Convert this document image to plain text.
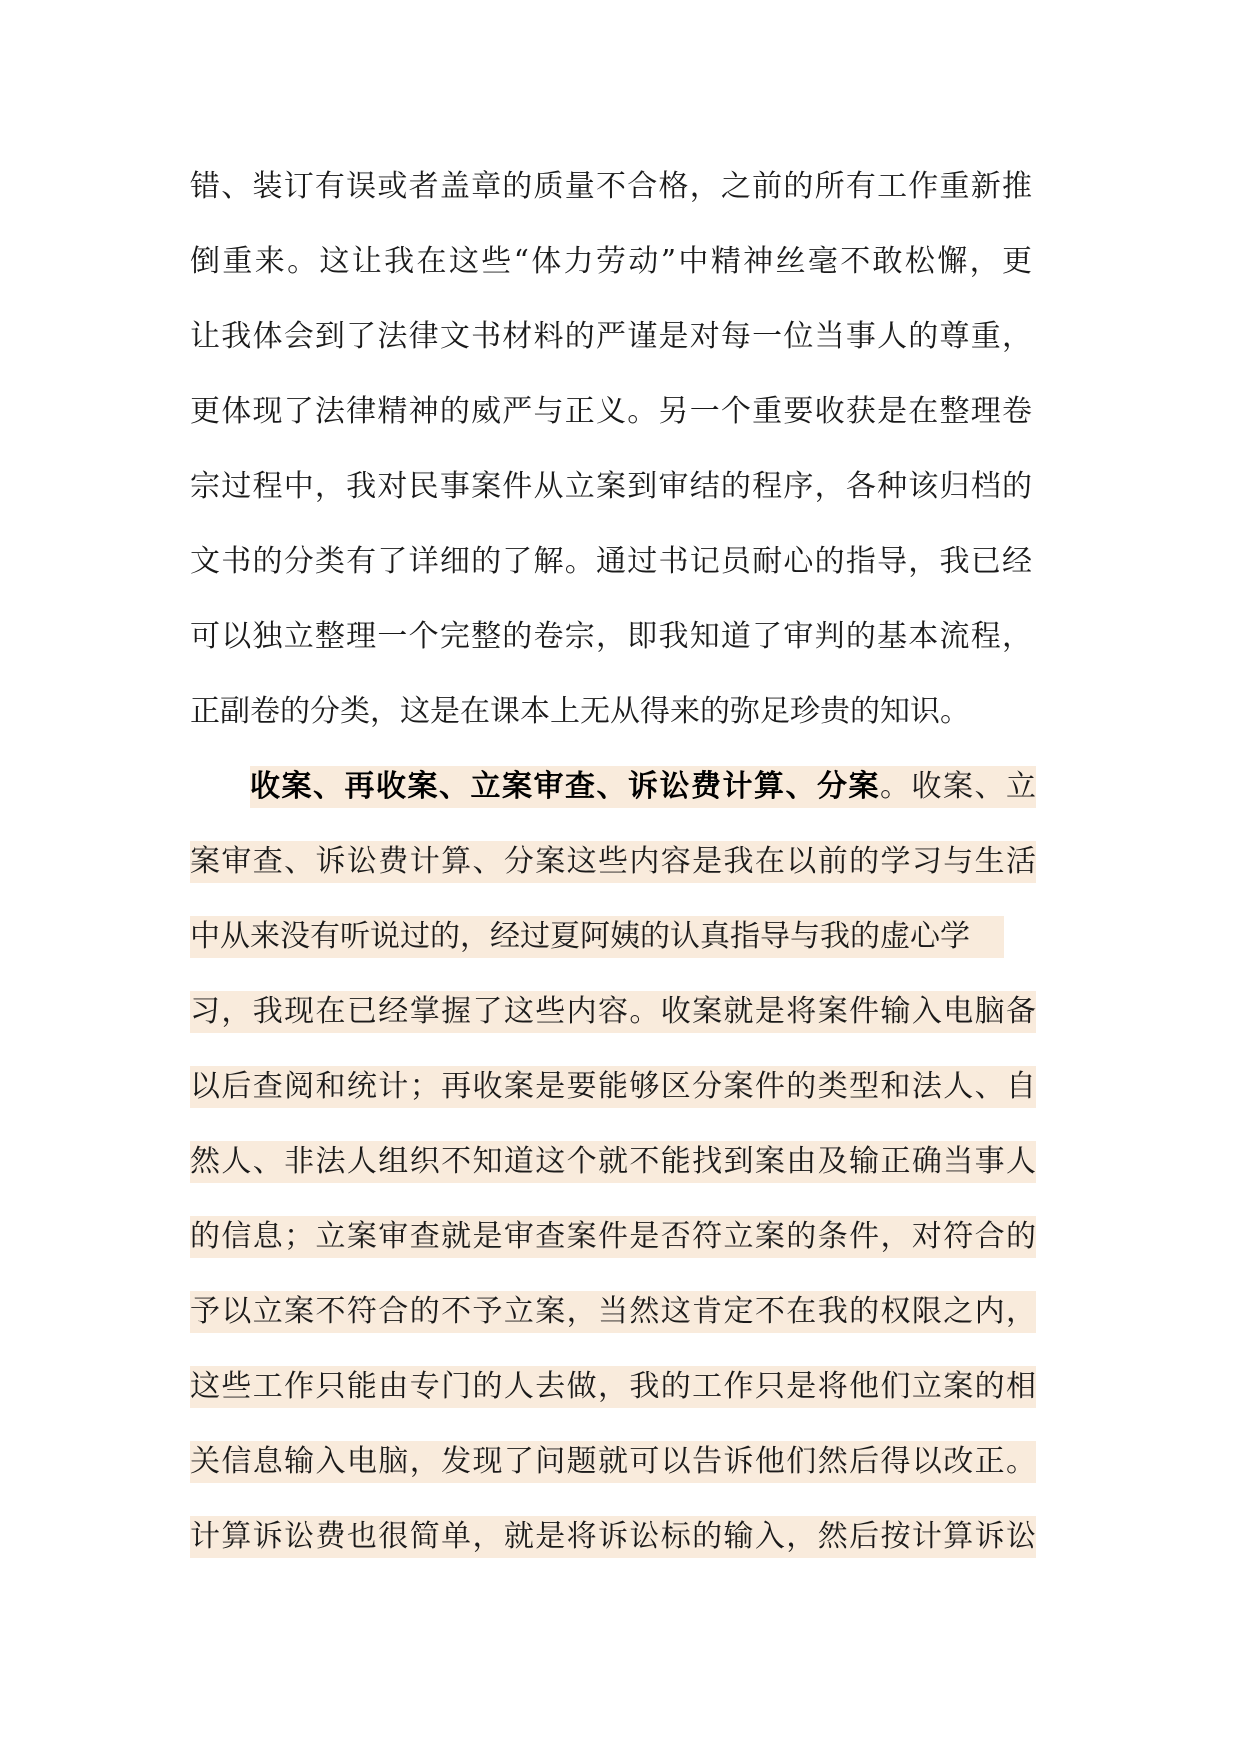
错、装订有误或者盖章的质量不合格，之前的所有工作重新推
倒重来。这让我在这些“体力劳动”中精神丝毫不敢松懈，更
让我体会到了法律文书材料的严谨是对每一位当事人的尊重，
更体现了法律精神的威严与正义。另一个重要收获是在整理卷
宗过程中，我对民事案件从立案到审结的程序，各种该归档的
文书的分类有了详细的了解。通过书记员耐心的指导，我已经
可以独立整理一个完整的卷宗，即我知道了审判的基本流程，
正副卷的分类，这是在课本上无从得来的弥足珍贵的知识。
收案、再收案、立案审查、诉讼费计算、分案。收案、立
案审查、诉讼费计算、分案这些内容是我在以前的学习与生活
中从来没有听说过的，经过夏阿姨的认真指导与我的虚心学
习，我现在已经掌握了这些内容。收案就是将案件输入电脑备
以后查阅和统计；再收案是要能够区分案件的类型和法人、自
然人、非法人组织不知道这个就不能找到案由及输正确当事人
的信息；立案审查就是审查案件是否符立案的条件，对符合的
予以立案不符合的不予立案，当然这肯定不在我的权限之内，
这些工作只能由专门的人去做，我的工作只是将他们立案的相
关信息输入电脑，发现了问题就可以告诉他们然后得以改正。
计算诉讼费也很简单，就是将诉讼标的输入，然后按计算诉讼
